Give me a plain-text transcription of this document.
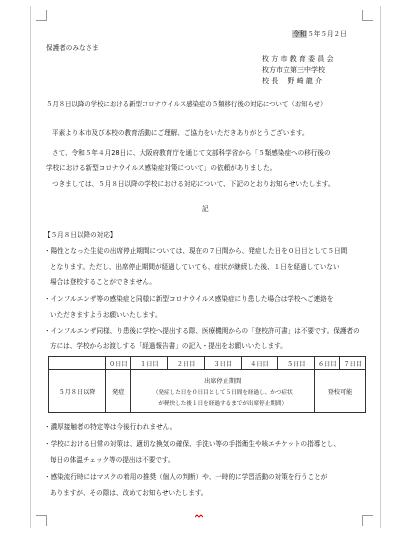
令和５年５月２日
保護者のみなさま
枚 方 市 教 育 委 員 会
枚方市立第三中学校
校 長　 野 崎 龍 介
５月８日以降の学校における新型コロナウイルス感染症の５類移行後の対応について（お知らせ）
平素より本市及び本校の教育活動にご理解、ご協力をいただきありがとうございます。
さて、令和５年４月28日に、大阪府教育庁を通じて文部科学省から「５類感染症への移行後の
学校における新型コロナウイルス感染症対策について」の依頼がありました。
つきましては、５月８日以降の学校における対応について、下記のとおりお知らせいたします。
記
【５月８日以降の対応】
・陽性となった生徒の出席停止期間については、現在の７日間から、発症した日を０日目として５日間
となります。ただし、出席停止期間が経過していても、症状が継続した後、１日を経過していない
場合は登校することができません。
・インフルエンザ等の感染症と同様に新型コロナウイルス感染症にり患した場合は学校へご連絡を
いただきますようお願いいたします。
・インフルエンザ同様、り患後に学校へ提出する際、医療機関からの「登校許可書」は不要です。保護者の
方には、学校からお渡しする「経過報告書」の記入・提出をお願いいたします。
	０日目	１日目	２日目	３日目	４日目	５日目	６日目	７日目
５月８日以降	発症	出席停止期間
（発症した日を０日目として５日間を経過し、かつ症状
が軽快した後１日を経過するまでが出席停止期間）					登校可能	
・濃厚接触者の特定等は今後行われません。
・学校における日常の対策は、適切な換気の確保、手洗い等の手指衛生や咳エチケットの指導とし、
毎日の体温チェック等の提出は不要です。
・感染流行時にはマスクの着用の推奨（個人の判断）や、一時的に学習活動の対策を行うことが
ありますが、その際は、改めてお知らせいたします。
